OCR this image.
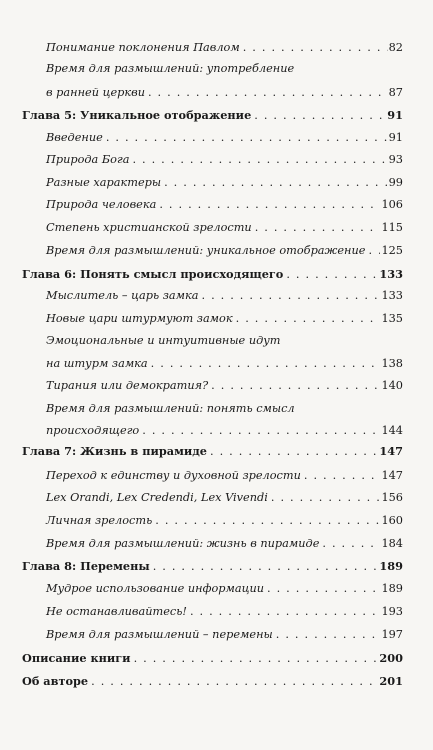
Понимание поклонения Павлом . . .	82
Время для размышлений: употребление
в ранней церкви . . .	87
Глава 5: Уникальное отображение . . .	91
Введение . . .	91
Природа Бога . . .	93
Разные характеры . . .	99
Природа человека . . .	106
Степень христианской зрелости . . .	115
Время для размышлений: уникальное отображение . . . 125
Глава 6: Понять смысл происходящего . . .	133
Мыслитель – царь замка . . .	133
Новые цари штурмуют замок . . .	135
Эмоциональные и интуитивные идут
на штурм замка . . .	138
Тирания или демократия? . . .	140
Время для размышлений: понять смысл
происходящего . . .	144
Глава 7: Жизнь в пирамиде . . .	147
Переход к единству и духовной зрелости . . .	147
Lex Orandi, Lex Credendi, Lex Vivendi . . .	156
Личная зрелость . . .	160
Время для размышлений: жизнь в пирамиде . . .	184
Глава 8: Перемены . . .	189
Мудрое использование информации . . .	189
Не останавливайтесь! . . .	193
Время для размышлений – перемены . . .	197
Описание книги . . .	200
Об авторе . . .	201
